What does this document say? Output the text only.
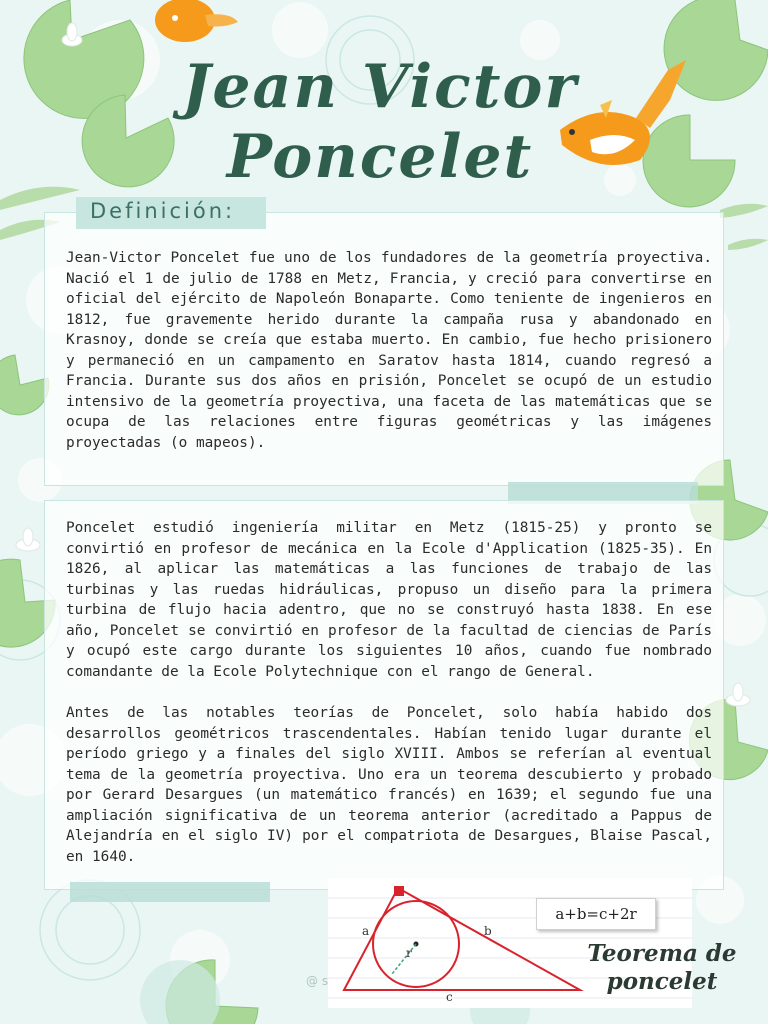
Jean Victor
Poncelet
Definición:

Jean-Victor Poncelet fue uno de los fundadores de la geometría proyectiva. Nació el 1 de julio de 1788 en Metz, Francia, y creció para convertirse en oficial del ejército de Napoleón Bonaparte. Como teniente de ingenieros en 1812, fue gravemente herido durante la campaña rusa y abandonado en Krasnoy, donde se creía que estaba muerto. En cambio, fue hecho prisionero y permaneció en un campamento en Saratov hasta 1814, cuando regresó a Francia. Durante sus dos años en prisión, Poncelet se ocupó de un estudio intensivo de la geometría proyectiva, una faceta de las matemáticas que se ocupa de las relaciones entre figuras geométricas y las imágenes proyectadas (o mapeos).

Poncelet estudió ingeniería militar en Metz (1815-25) y pronto se convirtió en profesor de mecánica en la Ecole d'Application (1825-35). En 1826, al aplicar las matemáticas a las funciones de trabajo de las turbinas y las ruedas hidráulicas, propuso un diseño para la primera turbina de flujo hacia adentro, que no se construyó hasta 1838. En ese año, Poncelet se convirtió en profesor de la facultad de ciencias de París y ocupó este cargo durante los siguientes 10 años, cuando fue nombrado comandante de la Ecole Polytechnique con el rango de General.

Antes de las notables teorías de Poncelet, solo había habido dos desarrollos geométricos trascendentales. Habían tenido lugar durante el período griego y a finales del siglo XVIII. Ambos se referían al eventual tema de la geometría proyectiva. Uno era un teorema descubierto y probado por Gerard Desargues (un matemático francés) en 1639; el segundo fue una ampliación significativa de un teorema anterior (acreditado a Pappus de Alejandría en el siglo IV) por el compatriota de Desargues, Blaise Pascal, en 1640.

a	b
c
r
a+b=c+2r
Teorema de
poncelet
@ s
